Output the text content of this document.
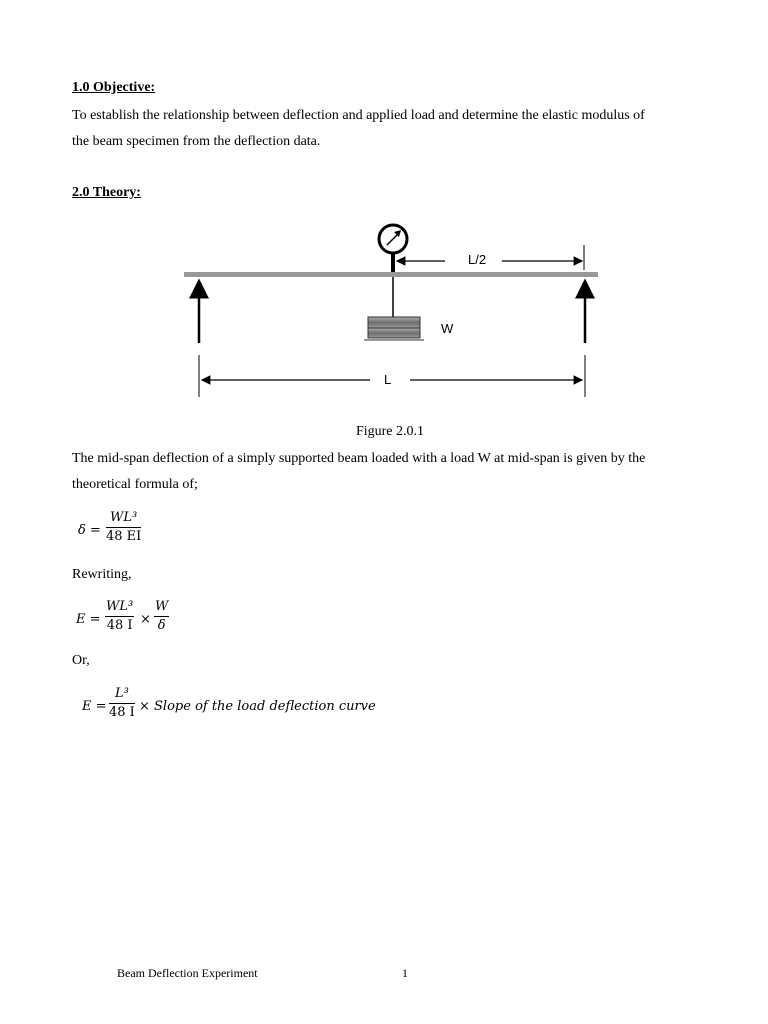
1.0 Objective:

To establish the relationship between deflection and applied load and determine the elastic modulus of

the beam specimen from the deflection data.

2.0 Theory:

L/2
W
L

Figure 2.0.1

The mid-span deflection of a simply supported beam loaded with a load W at mid-span is given by the

theoretical formula of;

$\delta = \frac{\text{WL³}}{48 EI}$

Rewriting,

$E = \frac{\text{WL³}}{48 I} \times \frac{W}{\delta}$

Or,

$E = \frac{\text{L³}}{48 I}$ × Slope of the load deflection curve

Beam Deflection Experiment	1
